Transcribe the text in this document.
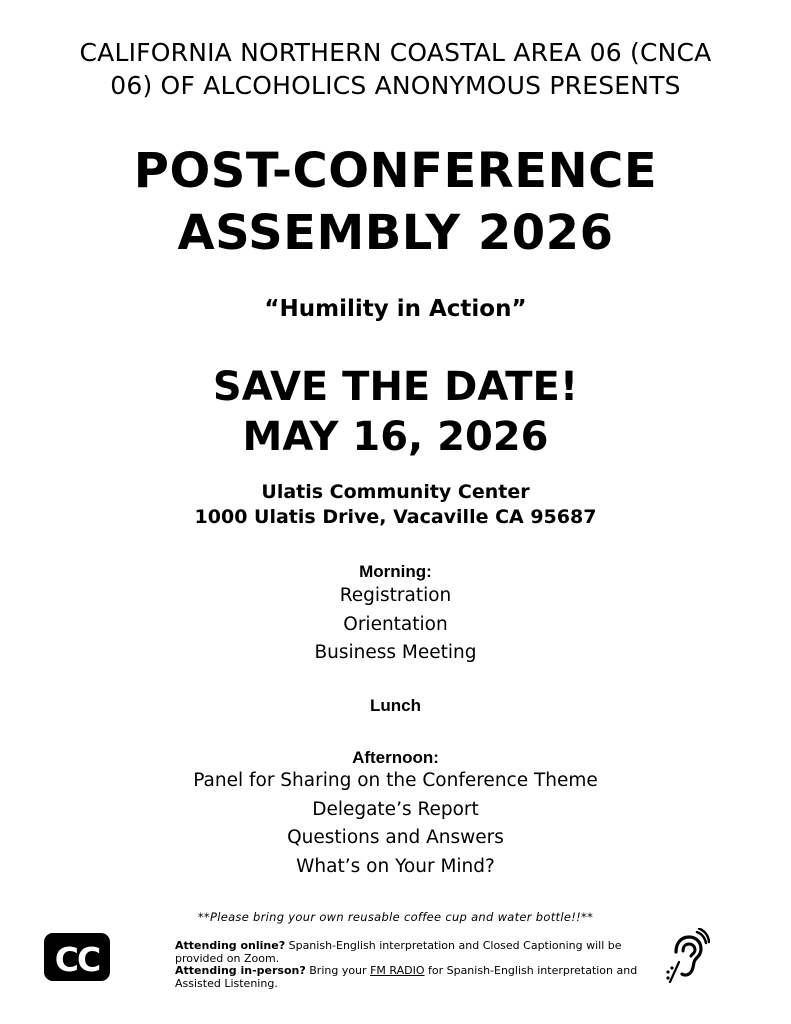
CALIFORNIA NORTHERN COASTAL AREA 06 (CNCA
06) OF ALCOHOLICS ANONYMOUS PRESENTS
POST-CONFERENCE
ASSEMBLY 2026
“Humility in Action”
SAVE THE DATE!
MAY 16, 2026
Ulatis Community Center
1000 Ulatis Drive, Vacaville CA 95687
Morning:
Registration
Orientation
Business Meeting
Lunch
Afternoon:
Panel for Sharing on the Conference Theme
Delegate’s Report
Questions and Answers
What’s on Your Mind?
**Please bring your own reusable coffee cup and water bottle!!**
CC	Attending online? Spanish-English interpretation and Closed Captioning will be provided on Zoom.
Attending in-person? Bring your FM RADIO for Spanish-English interpretation and Assisted Listening.
